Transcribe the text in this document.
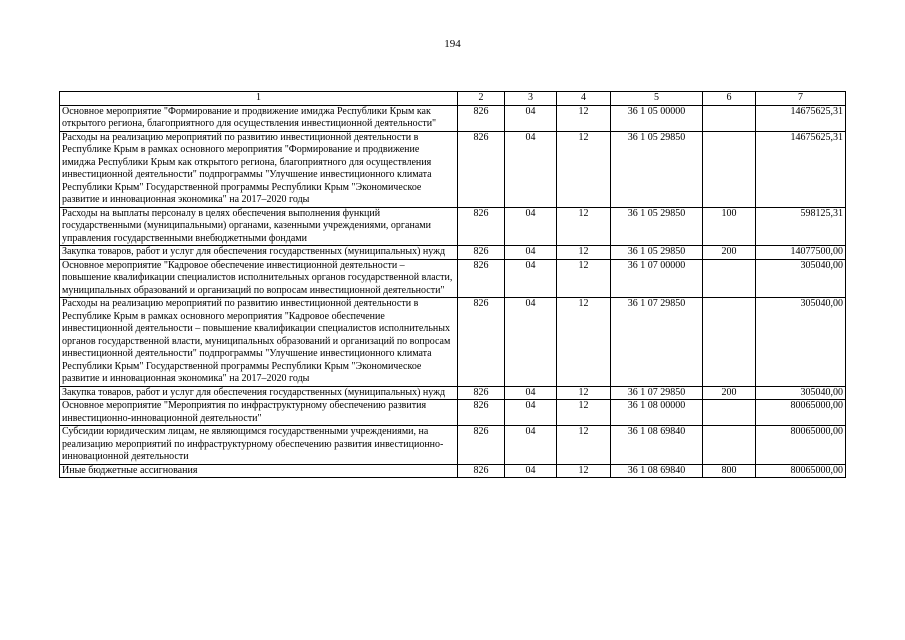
194
1	2	3	4	5	6	7
Основное мероприятие "Формирование и продвижение имиджа Республики Крым как открытого региона, благоприятного для осуществления инвестиционной деятельности"	826	04	12	36 1 05 00000		14675625,31
Расходы на реализацию мероприятий по развитию инвестиционной деятельности в Республике Крым в рамках основного мероприятия "Формирование и продвижение имиджа Республики Крым как открытого региона, благоприятного для осуществления инвестиционной деятельности" подпрограммы "Улучшение инвестиционного климата Республики Крым" Государственной программы Республики Крым "Экономическое развитие и инновационная экономика" на 2017–2020 годы	826	04	12	36 1 05 29850		14675625,31
Расходы на выплаты персоналу в целях обеспечения выполнения функций государственными (муниципальными) органами, казенными учреждениями, органами управления государственными внебюджетными фондами	826	04	12	36 1 05 29850	100	598125,31
Закупка товаров, работ и услуг для обеспечения государственных (муниципальных) нужд	826	04	12	36 1 05 29850	200	14077500,00
Основное мероприятие "Кадровое обеспечение инвестиционной деятельности – повышение квалификации специалистов исполнительных органов государственной власти, муниципальных образований и организаций по вопросам инвестиционной деятельности"	826	04	12	36 1 07 00000		305040,00
Расходы на реализацию мероприятий по развитию инвестиционной деятельности в Республике Крым в рамках основного мероприятия "Кадровое обеспечение инвестиционной деятельности – повышение квалификации специалистов исполнительных органов государственной власти, муниципальных образований и организаций по вопросам инвестиционной деятельности" подпрограммы "Улучшение инвестиционного климата Республики Крым" Государственной программы Республики Крым "Экономическое развитие и инновационная экономика" на 2017–2020 годы	826	04	12	36 1 07 29850		305040,00
Закупка товаров, работ и услуг для обеспечения государственных (муниципальных) нужд	826	04	12	36 1 07 29850	200	305040,00
Основное мероприятие "Мероприятия по инфраструктурному обеспечению развития инвестиционно-инновационной деятельности"	826	04	12	36 1 08 00000		80065000,00
Субсидии юридическим лицам, не являющимся государственными учреждениями, на реализацию мероприятий по инфраструктурному обеспечению развития инвестиционно-инновационной деятельности	826	04	12	36 1 08 69840		80065000,00
Иные бюджетные ассигнования	826	04	12	36 1 08 69840	800	80065000,00
